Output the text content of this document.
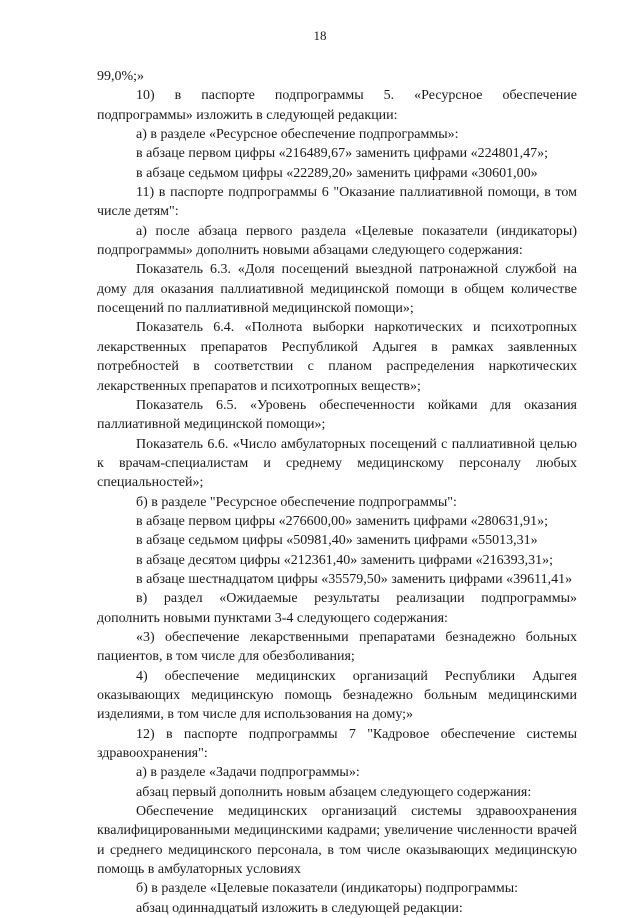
18

99,0%;»

10) в паспорте подпрограммы 5. «Ресурсное обеспечение подпрограммы» изложить в следующей редакции:

а) в разделе «Ресурсное обеспечение подпрограммы»:

в абзаце первом цифры «216489,67» заменить цифрами «224801,47»;

в абзаце седьмом цифры «22289,20» заменить цифрами «30601,00»

11) в паспорте подпрограммы 6 "Оказание паллиативной помощи, в том числе детям":

а) после абзаца первого раздела «Целевые показатели (индикаторы) подпрограммы» дополнить новыми абзацами следующего содержания:

Показатель 6.3. «Доля посещений выездной патронажной службой на дому для оказания паллиативной медицинской помощи в общем количестве посещений по паллиативной медицинской помощи»;

Показатель 6.4. «Полнота выборки наркотических и психотропных лекарственных препаратов Республикой Адыгея в рамках заявленных потребностей в соответствии с планом распределения наркотических лекарственных препаратов и психотропных веществ»;

Показатель 6.5. «Уровень обеспеченности койками для оказания паллиативной медицинской помощи»;

Показатель 6.6. «Число амбулаторных посещений с паллиативной целью к врачам-специалистам и среднему медицинскому персоналу любых специальностей»;

б) в разделе "Ресурсное обеспечение подпрограммы":

в абзаце первом цифры «276600,00» заменить цифрами «280631,91»;

в абзаце седьмом цифры «50981,40» заменить цифрами «55013,31»

в абзаце десятом цифры «212361,40» заменить цифрами «216393,31»;

в абзаце шестнадцатом цифры «35579,50» заменить цифрами «39611,41»

в) раздел «Ожидаемые результаты реализации подпрограммы» дополнить новыми пунктами 3-4 следующего содержания:

«3) обеспечение лекарственными препаратами безнадежно больных пациентов, в том числе для обезболивания;

4) обеспечение медицинских организаций Республики Адыгея оказывающих медицинскую помощь безнадежно больным медицинскими изделиями, в том числе для использования на дому;»

12) в паспорте подпрограммы 7 "Кадровое обеспечение системы здравоохранения":

а) в разделе «Задачи подпрограммы»:

абзац первый дополнить новым абзацем следующего содержания:

Обеспечение медицинских организаций системы здравоохранения квалифицированными медицинскими кадрами; увеличение численности врачей и среднего медицинского персонала, в том числе оказывающих медицинскую помощь в амбулаторных условиях

б) в разделе «Целевые показатели (индикаторы) подпрограммы:

абзац одиннадцатый изложить в следующей редакции:
